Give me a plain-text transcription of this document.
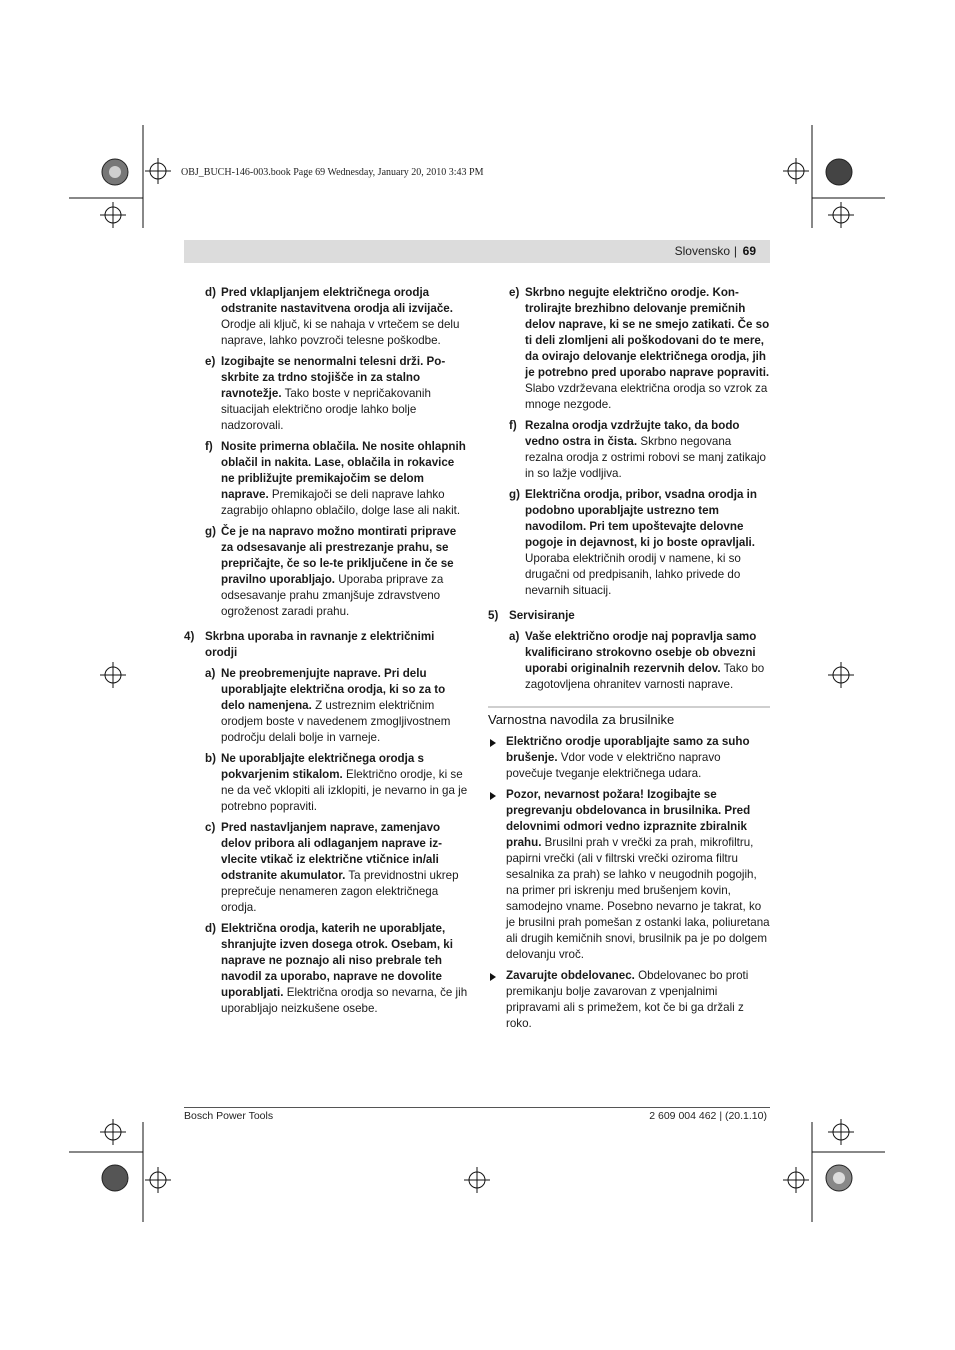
OBJ_BUCH-146-003.book Page 69 Wednesday, January 20, 2010 3:43 PM
Slovensko | 69
d) Pred vklapljanjem električnega orodja odstranite nastavitvena orodja ali izvijače. Orodje ali ključ, ki se nahaja v vrtečem se delu naprave, lahko povzroči telesne poškodbe.
e) Izogibajte se nenormalni telesni drži. Poskrbite za trdno stojišče in za stalno ravnotežje. Tako boste v nepričakovanih situacijah električno orodje lahko bolje nadzorovali.
f) Nosite primerna oblačila. Ne nosite ohlapnih oblačil in nakita. Lase, oblačila in rokavice ne približujte premikajočim se delom naprave. Premikajoči se deli naprave lahko zagrabijo ohlapno oblačilo, dolge lase ali nakit.
g) Če je na napravo možno montirati priprave za odsesavanje ali prestrezanje prahu, se prepričajte, če so le-te priključene in če se pravilno uporabljajo. Uporaba priprave za odsesavanje prahu zmanjšuje zdravstveno ogroženost zaradi prahu.
4) Skrbna uporaba in ravnanje z električnimi orodji
a) Ne preobremenjujte naprave. Pri delu uporabljajte električna orodja, ki so za to delo namenjena. Z ustreznim električnim orodjem boste v navedenem zmogljivostnem področju delali bolje in varneje.
b) Ne uporabljajte električnega orodja s pokvarjenim stikalom. Električno orodje, ki se ne da več vklopiti ali izklopiti, je nevarno in ga je potrebno popraviti.
c) Pred nastavljanjem naprave, zamenjavo delov pribora ali odlaganjem naprave izvlecite vtikač iz električne vtičnice in/ali odstranite akumulator. Ta previdnostni ukrep preprečuje nenameren zagon električnega orodja.
d) Električna orodja, katerih ne uporabljate, shranjujte izven dosega otrok. Osebam, ki naprave ne poznajo ali niso prebrale teh navodil za uporabo, naprave ne dovolite uporabljati. Električna orodja so nevarna, če jih uporabljajo neizkušene osebe.
e) Skrbno negujte električno orodje. Kontrolirajte brezhibno delovanje premičnih delov naprave, ki se ne smejo zatikati. Če so ti deli zlomljeni ali poškodovani do te mere, da ovirajo delovanje električnega orodja, jih je potrebno pred uporabo naprave popraviti. Slabo vzdrževana električna orodja so vzrok za mnoge nezgode.
f) Rezalna orodja vzdržujte tako, da bodo vedno ostra in čista. Skrbno negovana rezalna orodja z ostrimi robovi se manj zatikajo in so lažje vodljiva.
g) Električna orodja, pribor, vsadna orodja in podobno uporabljajte ustrezno tem navodilom. Pri tem upoštevajte delovne pogoje in dejavnost, ki jo boste opravljali. Uporaba električnih orodij v namene, ki so drugačni od predpisanih, lahko privede do nevarnih situacij.
5) Servisiranje
a) Vaše električno orodje naj popravlja samo kvalificirano strokovno osebje ob obvezni uporabi originalnih rezervnih delov. Tako bo zagotovljena ohranitev varnosti naprave.
Varnostna navodila za brusilnike
Električno orodje uporabljajte samo za suho brušenje. Vdor vode v električno napravo povečuje tveganje električnega udara.
Pozor, nevarnost požara! Izogibajte se pregrevanju obdelovanca in brusilnika. Pred delovnimi odmori vedno izpraznite zbiralnik prahu. Brusilni prah v vrečki za prah, mikrofiltru, papirni vrečki (ali v filtrski vrečki oziroma filtru sesalnika za prah) se lahko v neugodnih pogojih, na primer pri iskrenju med brušenjem kovin, samodejno vname. Posebno nevarno je takrat, ko je brusilni prah pomešan z ostanki laka, poliuretana ali drugih kemičnih snovi, brusilnik pa je po dolgem delovanju vroč.
Zavarujte obdelovanec. Obdelovanec bo proti premikanju bolje zavarovan z vpenjalnimi pripravami ali s primežem, kot če bi ga držali z roko.
Bosch Power Tools	2 609 004 462 | (20.1.10)
